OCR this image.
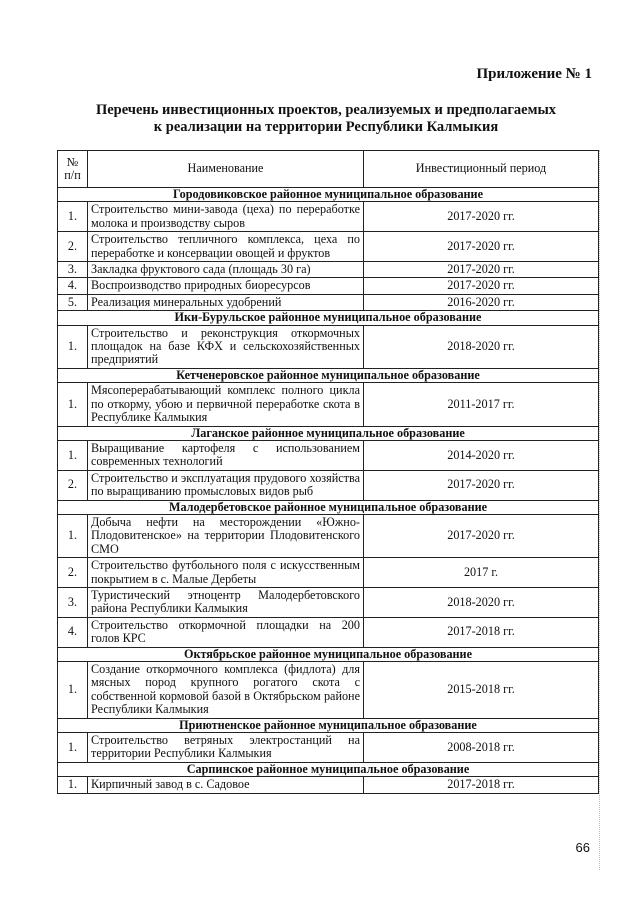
Приложение № 1
Перечень инвестиционных проектов, реализуемых и предполагаемых
к реализации на территории Республики Калмыкия
№
п/п	Наименование	Инвестиционный период
Городовиковское районное муниципальное образование		
1.	Строительство мини-завода (цеха) по переработке молока и производству сыров	2017-2020 гг.
2.	Строительство тепличного комплекса, цеха по переработке и консервации овощей и фруктов	2017-2020 гг.
3.	Закладка фруктового сада (площадь 30 га)	2017-2020 гг.
4.	Воспроизводство природных биоресурсов	2017-2020 гг.
5.	Реализация минеральных удобрений	2016-2020 гг.
Ики-Бурульское районное муниципальное образование		
1.	Строительство и реконструкция откормочных площадок на базе КФХ и сельскохозяйственных предприятий	2018-2020 гг.
Кетченеровское районное муниципальное образование		
1.	Мясоперерабатывающий комплекс полного цикла по откорму, убою и первичной переработке скота в Республике Калмыкия	2011-2017 гг.
Лаганское районное муниципальное образование		
1.	Выращивание картофеля с использованием современных технологий	2014-2020 гг.
2.	Строительство и эксплуатация прудового хозяйства по выращиванию промысловых видов рыб	2017-2020 гг.
Малодербетовское районное муниципальное образование		
1.	Добыча нефти на месторождении «Южно-Плодовитенское» на территории Плодовитенского СМО	2017-2020 гг.
2.	Строительство футбольного поля с искусственным покрытием в с. Малые Дербеты	2017 г.
3.	Туристический этноцентр Малодербетовского района Республики Калмыкия	2018-2020 гг.
4.	Строительство откормочной площадки на 200 голов КРС	2017-2018 гг.
Октябрьское районное муниципальное образование		
1.	Создание откормочного комплекса (фидлота) для мясных пород крупного рогатого скота с собственной кормовой базой в Октябрьском районе Республики Калмыкия	2015-2018 гг.
Приютненское районное муниципальное образование		
1.	Строительство ветряных электростанций на территории Республики Калмыкия	2008-2018 гг.
Сарпинское районное муниципальное образование		
1.	Кирпичный завод в с. Садовое	2017-2018 гг.
66
